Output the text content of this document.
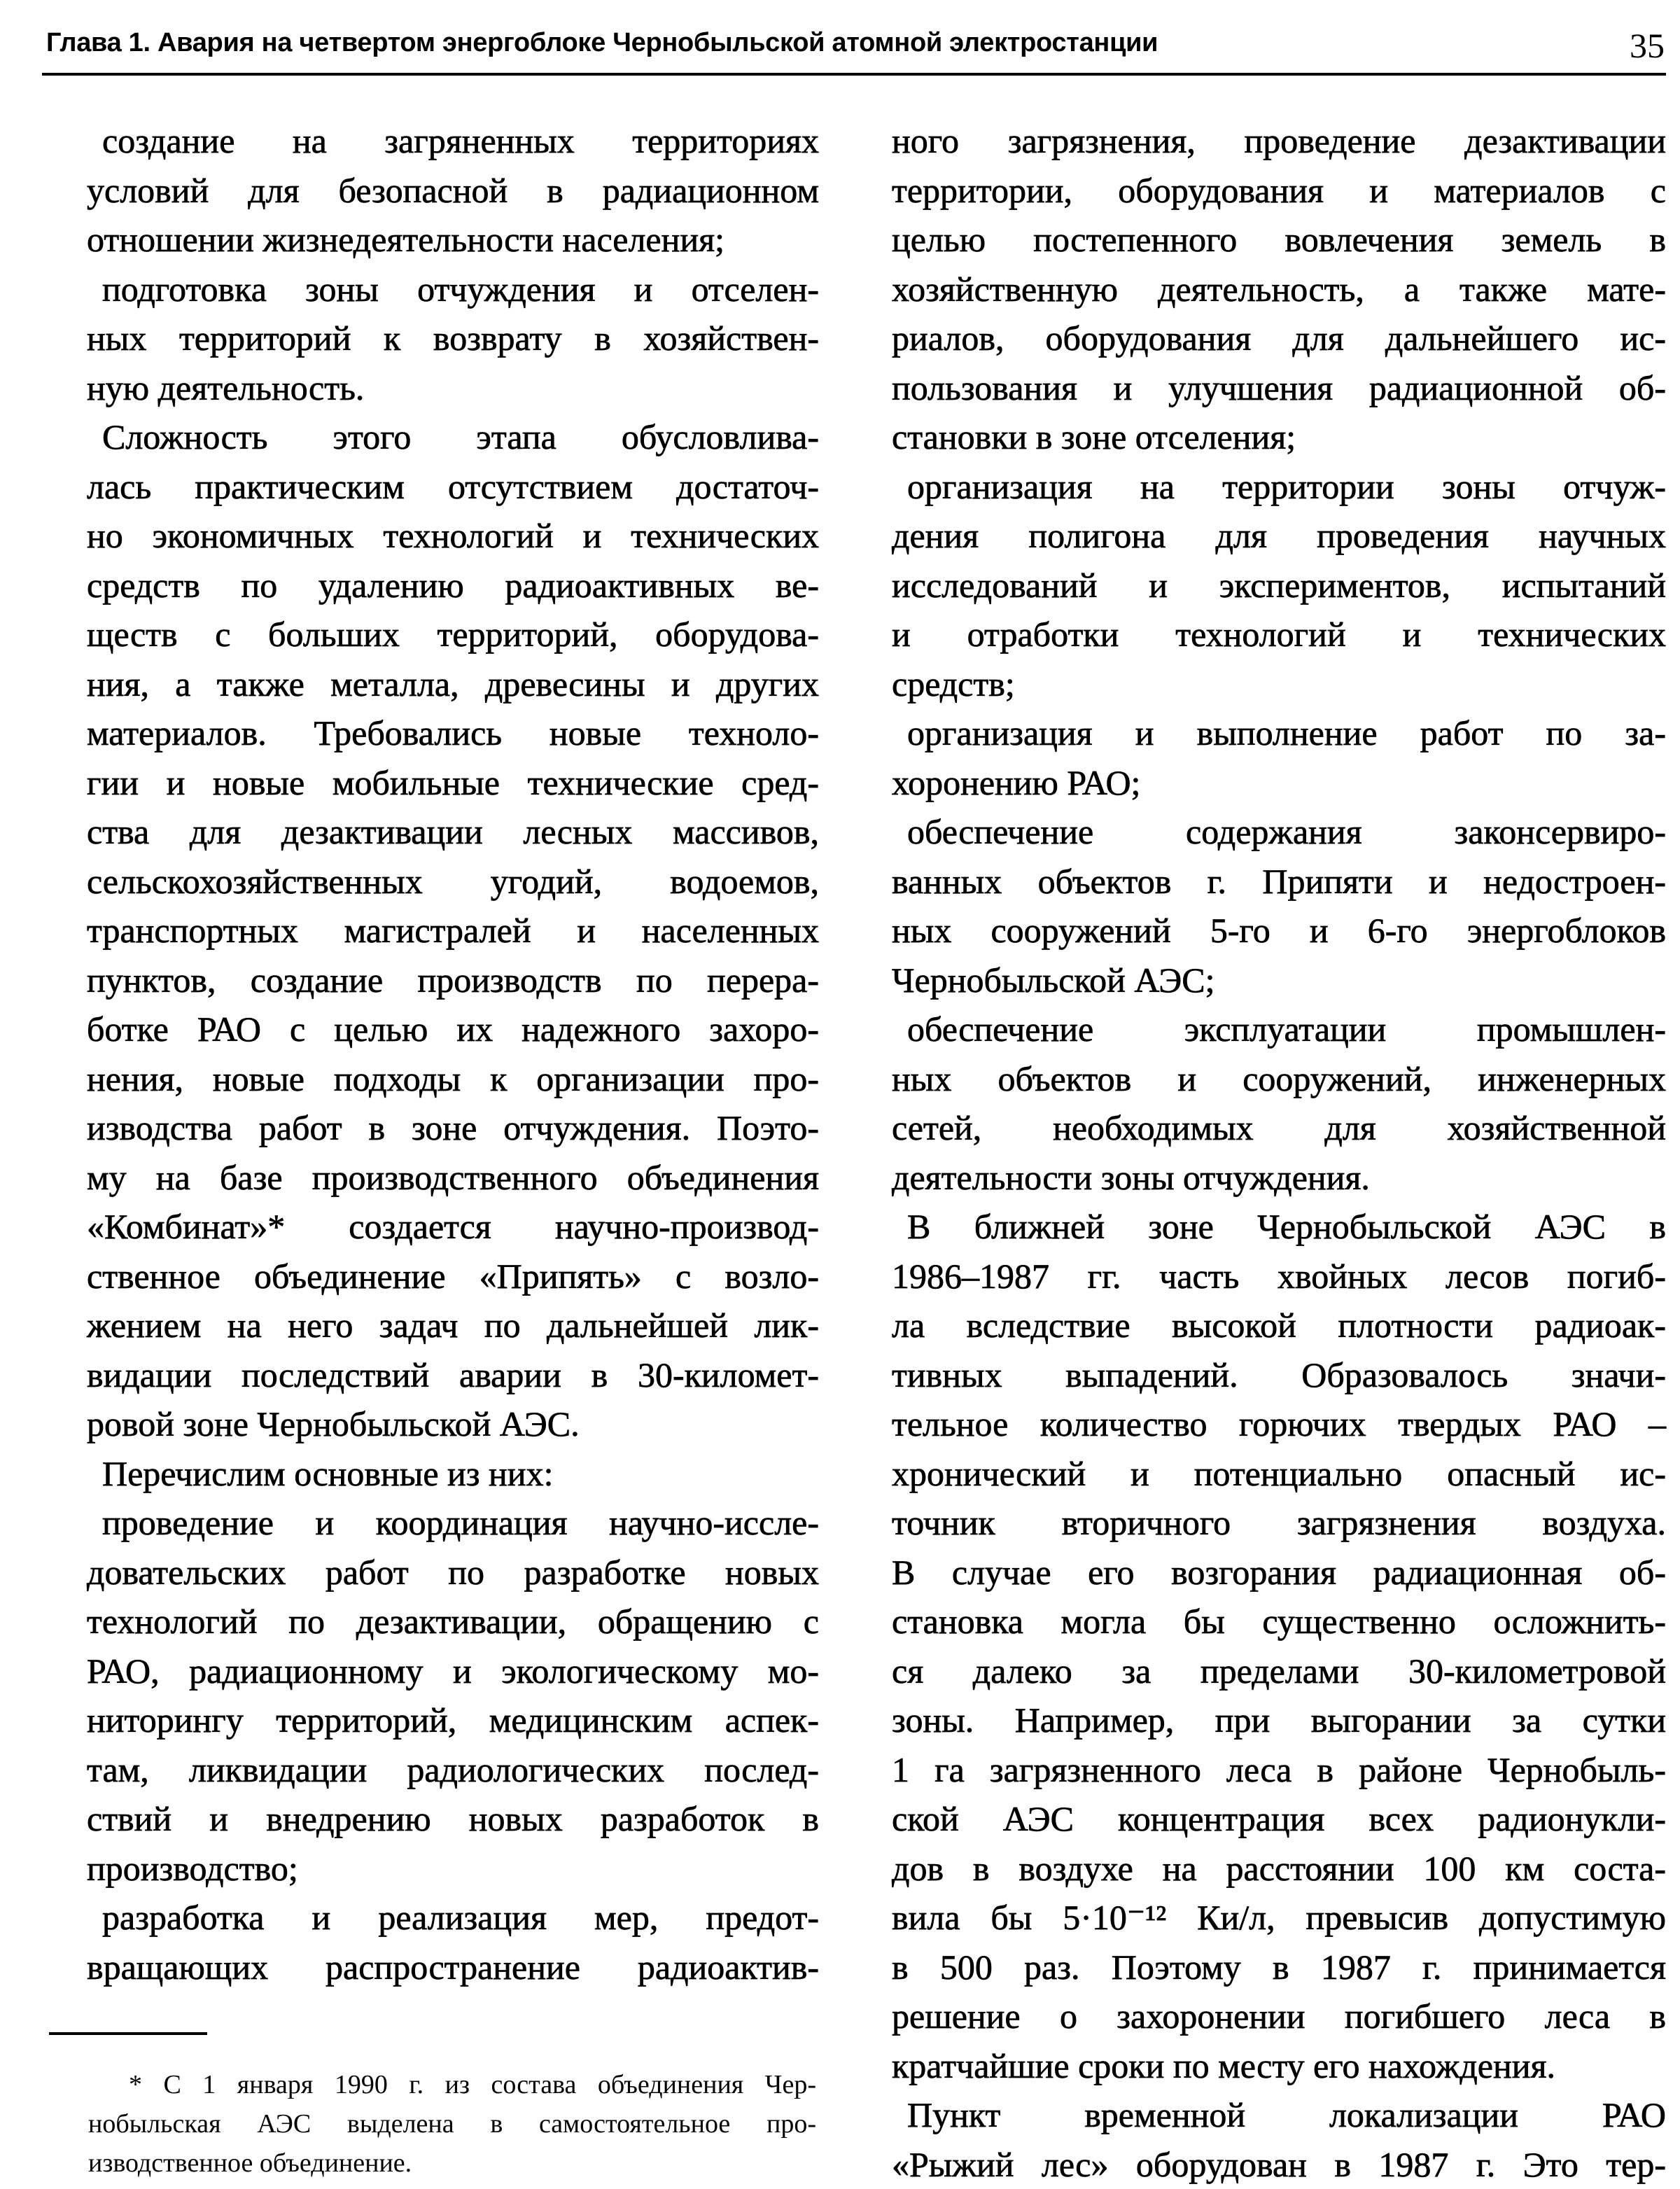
Глава 1. Авария на четвертом энергоблоке Чернобыльской атомной электростанции	35
создание на загряненных территориях
условий для безопасной в радиационном
отношении жизнедеятельности населения;
подготовка зоны отчуждения и отселен-
ных территорий к возврату в хозяйствен-
ную деятельность.
Сложность этого этапа обусловлива-
лась практическим отсутствием достаточ-
но экономичных технологий и технических
средств по удалению радиоактивных ве-
ществ с больших территорий, оборудова-
ния, а также металла, древесины и других
материалов. Требовались новые техноло-
гии и новые мобильные технические сред-
ства для дезактивации лесных массивов,
сельскохозяйственных угодий, водоемов,
транспортных магистралей и населенных
пунктов, создание производств по перера-
ботке РАО с целью их надежного захоро-
нения, новые подходы к организации про-
изводства работ в зоне отчуждения. Поэто-
му на базе производственного объединения
«Комбинат»* создается научно-производ-
ственное объединение «Припять» с возло-
жением на него задач по дальнейшей лик-
видации последствий аварии в 30-километ-
ровой зоне Чернобыльской АЭС.
Перечислим основные из них:
проведение и координация научно-иссле-
довательских работ по разработке новых
технологий по дезактивации, обращению с
РАО, радиационному и экологическому мо-
ниторингу территорий, медицинским аспек-
там, ликвидации радиологических послед-
ствий и внедрению новых разработок в
производство;
разработка и реализация мер, предот-
вращающих распространение радиоактив-
ного загрязнения, проведение дезактивации
территории, оборудования и материалов с
целью постепенного вовлечения земель в
хозяйственную деятельность, а также мате-
риалов, оборудования для дальнейшего ис-
пользования и улучшения радиационной об-
становки в зоне отселения;
организация на территории зоны отчуж-
дения полигона для проведения научных
исследований и экспериментов, испытаний
и отработки технологий и технических
средств;
организация и выполнение работ по за-
хоронению РАО;
обеспечение содержания законсервиро-
ванных объектов г. Припяти и недостроен-
ных сооружений 5-го и 6-го энергоблоков
Чернобыльской АЭС;
обеспечение эксплуатации промышлен-
ных объектов и сооружений, инженерных
сетей, необходимых для хозяйственной
деятельности зоны отчуждения.
В ближней зоне Чернобыльской АЭС в
1986–1987 гг. часть хвойных лесов погиб-
ла вследствие высокой плотности радиоак-
тивных выпадений. Образовалось значи-
тельное количество горючих твердых РАО –
хронический и потенциально опасный ис-
точник вторичного загрязнения воздуха.
В случае его возгорания радиационная об-
становка могла бы существенно осложнить-
ся далеко за пределами 30-километровой
зоны. Например, при выгорании за сутки
1 га загрязненного леса в районе Чернобыль-
ской АЭС концентрация всех радионукли-
дов в воздухе на расстоянии 100 км соста-
вила бы 5·10⁻¹² Ки/л, превысив допустимую
в 500 раз. Поэтому в 1987 г. принимается
решение о захоронении погибшего леса в
кратчайшие сроки по месту его нахождения.
Пункт временной локализации РАО
«Рыжий лес» оборудован в 1987 г. Это тер-
* С 1 января 1990 г. из состава объединения Чер-
нобыльская АЭС выделена в самостоятельное про-
изводственное объединение.
